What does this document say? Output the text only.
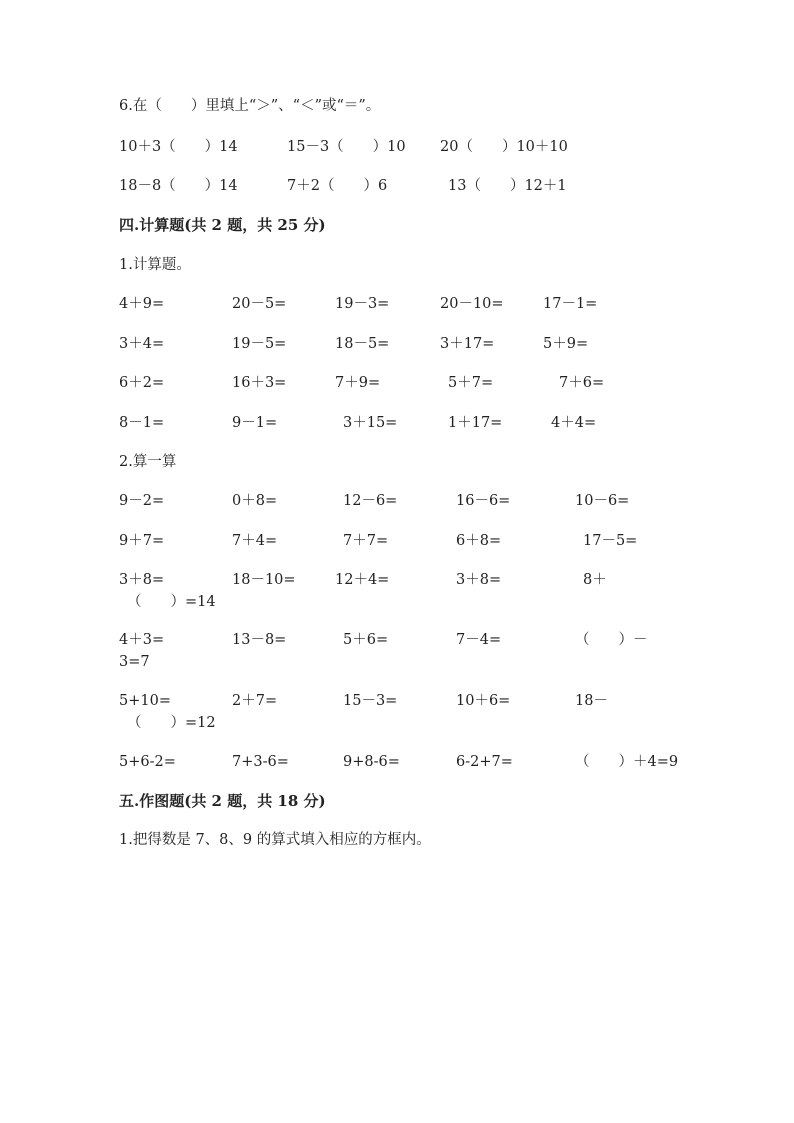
6.在（　　）里填上“＞”、“＜”或“＝”。
10＋3（　　）14	15－3（　　）10 20（　　）10＋10
18－8（　　）14	7＋2（　　）6	13（　　）12＋1
四.计算题(共 2 题，共 25 分)
1.计算题。
4＋9=	20－5=	19－3=	20－10=	17－1=
3＋4=	19－5=	18－5=	3＋17=	5＋9=
6＋2=	16＋3=	7＋9=	5＋7=	7＋6=
8－1=	9－1=	3＋15=	1＋17=	4＋4=
2.算一算
9－2=	0＋8=	12－6=	16－6=	10－6=
9＋7=	7＋4=	7＋7=	6＋8=	17－5=
3＋8=	18－10=	12＋4=	3＋8=	8＋
（　　）=14
4＋3=	13－8=	5＋6=	7－4=	（　　）－
3=7
5+10=	2＋7=	15－3=	10＋6=	18－
（　　）=12
5+6-2=	7+3-6=	9+8-6=	6-2+7=	（　　）＋4=9
五.作图题(共 2 题，共 18 分)
1.把得数是 7、8、9 的算式填入相应的方框内。
